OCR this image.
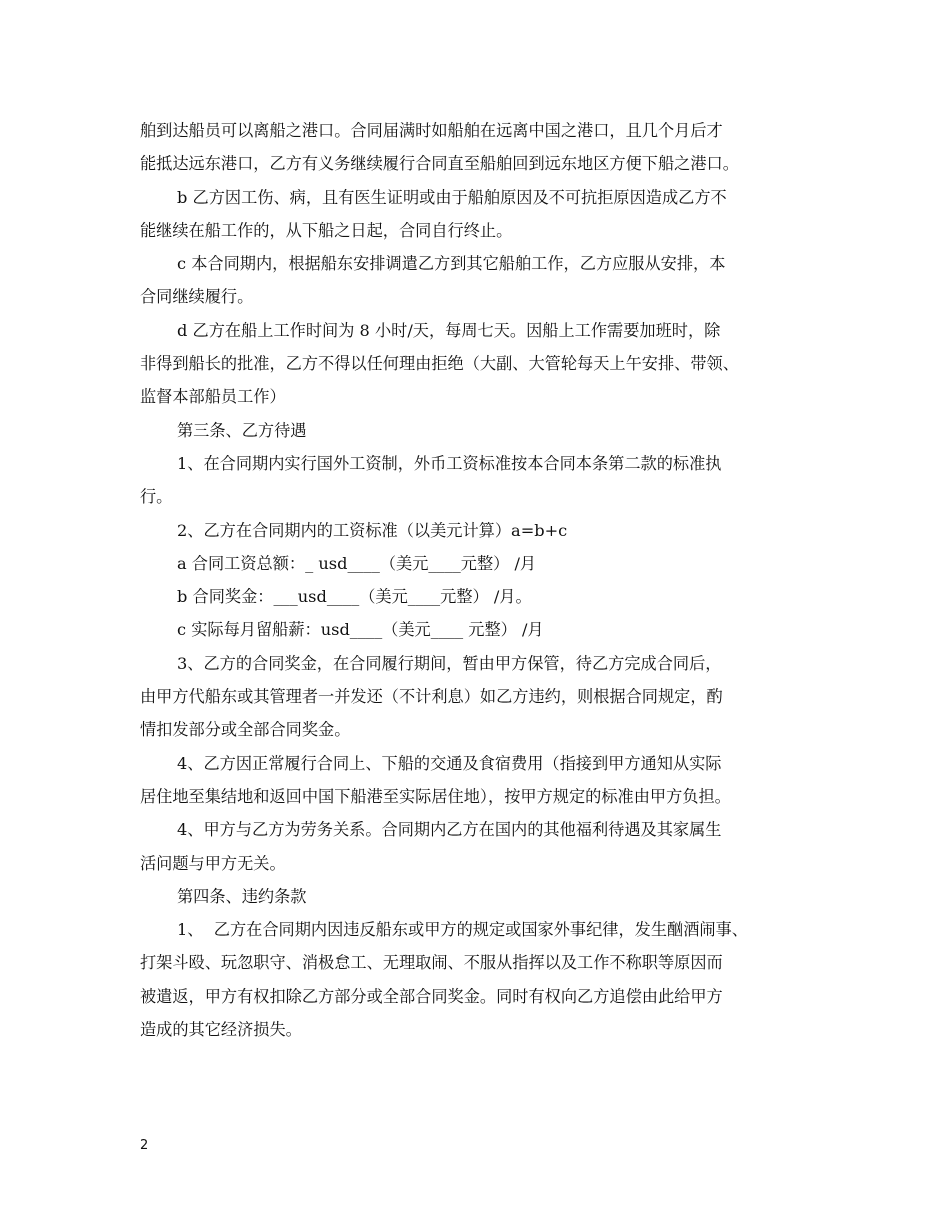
舶到达船员可以离船之港口。合同届满时如船舶在远离中国之港口，且几个月后才
能抵达远东港口，乙方有义务继续履行合同直至船舶回到远东地区方便下船之港口。
b 乙方因工伤、病，且有医生证明或由于船舶原因及不可抗拒原因造成乙方不
能继续在船工作的，从下船之日起，合同自行终止。
c 本合同期内，根据船东安排调遣乙方到其它船舶工作，乙方应服从安排，本
合同继续履行。
d 乙方在船上工作时间为 8 小时/天，每周七天。因船上工作需要加班时，除
非得到船长的批准，乙方不得以任何理由拒绝（大副、大管轮每天上午安排、带领、
监督本部船员工作）
第三条、乙方待遇
1、在合同期内实行国外工资制，外币工资标准按本合同本条第二款的标准执
行。
2、乙方在合同期内的工资标准（以美元计算）a=b+c
a 合同工资总额：_ usd____（美元____元整） /月
b 合同奖金：___usd____（美元____元整） /月。
c 实际每月留船薪：usd____（美元____ 元整） /月
3、乙方的合同奖金，在合同履行期间，暂由甲方保管，待乙方完成合同后，
由甲方代船东或其管理者一并发还（不计利息）如乙方违约，则根据合同规定，酌
情扣发部分或全部合同奖金。
4、乙方因正常履行合同上、下船的交通及食宿费用（指接到甲方通知从实际
居住地至集结地和返回中国下船港至实际居住地），按甲方规定的标准由甲方负担。
4、甲方与乙方为劳务关系。合同期内乙方在国内的其他福利待遇及其家属生
活问题与甲方无关。
第四条、违约条款
1、  乙方在合同期内因违反船东或甲方的规定或国家外事纪律，发生酗酒闹事、
打架斗殴、玩忽职守、消极怠工、无理取闹、不服从指挥以及工作不称职等原因而
被遣返，甲方有权扣除乙方部分或全部合同奖金。同时有权向乙方追偿由此给甲方
造成的其它经济损失。
2
